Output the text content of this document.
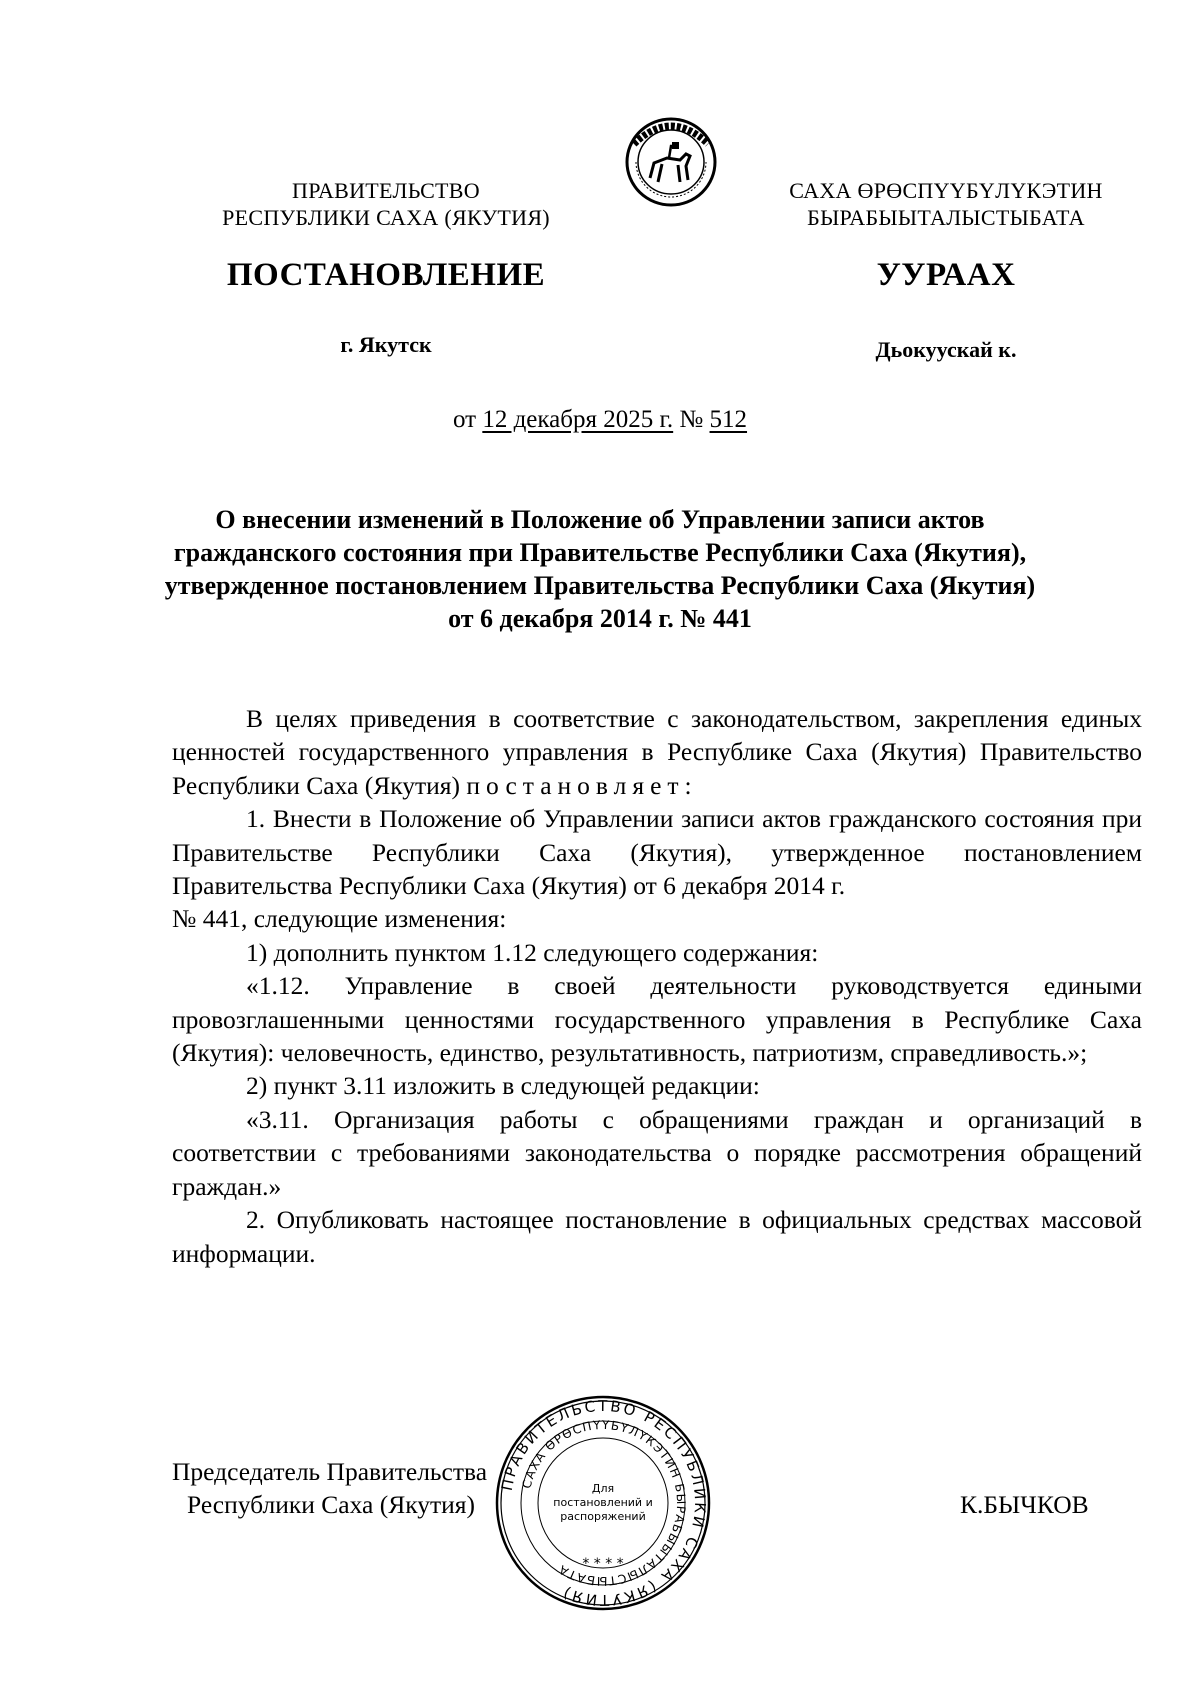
ПРАВИТЕЛЬСТВО
РЕСПУБЛИКИ САХА (ЯКУТИЯ)
САХА ӨРӨСПҮҮБҮЛҮКЭТИН
БЫРАБЫЫТАЛЫСТЫБАТА
ПОСТАНОВЛЕНИЕ	УУРААХ
г. Якутск	Дьокуускай к.
от 12 декабря 2025 г. № 512
О внесении изменений в Положение об Управлении записи актов
гражданского состояния при Правительстве Республики Саха (Якутия),
утвержденное постановлением Правительства Республики Саха (Якутия)
от 6 декабря 2014 г. № 441

В целях приведения в соответствие с законодательством, закрепления единых ценностей государственного управления в Республике Саха (Якутия) Правительство Республики Саха (Якутия) постановляет:

1. Внести в Положение об Управлении записи актов гражданского состояния при Правительстве Республики Саха (Якутия), утвержденное постановлением Правительства Республики Саха (Якутия) от 6 декабря 2014 г.

№ 441, следующие изменения:

1) дополнить пунктом 1.12 следующего содержания:

«1.12. Управление в своей деятельности руководствуется едиными провозглашенными ценностями государственного управления в Республике Саха (Якутия): человечность, единство, результативность, патриотизм, справедливость.»;

2) пункт 3.11 изложить в следующей редакции:

«3.11. Организация работы с обращениями граждан и организаций в соответствии с требованиями законодательства о порядке рассмотрения обращений граждан.»

2. Опубликовать настоящее постановление в официальных средствах массовой информации.

Председатель Правительства
Республики Саха (Якутия)	К.БЫЧКОВ
ПРАВИТЕЛЬСТВО РЕСПУБЛИКИ САХА (ЯКУТИЯ)
САХА ӨРӨСПҮҮБҮЛҮКЭТИН БЫРАБЫЫТАЛЫСТЫБАТА
Для
постановлений и
распоряжений
* * * *
